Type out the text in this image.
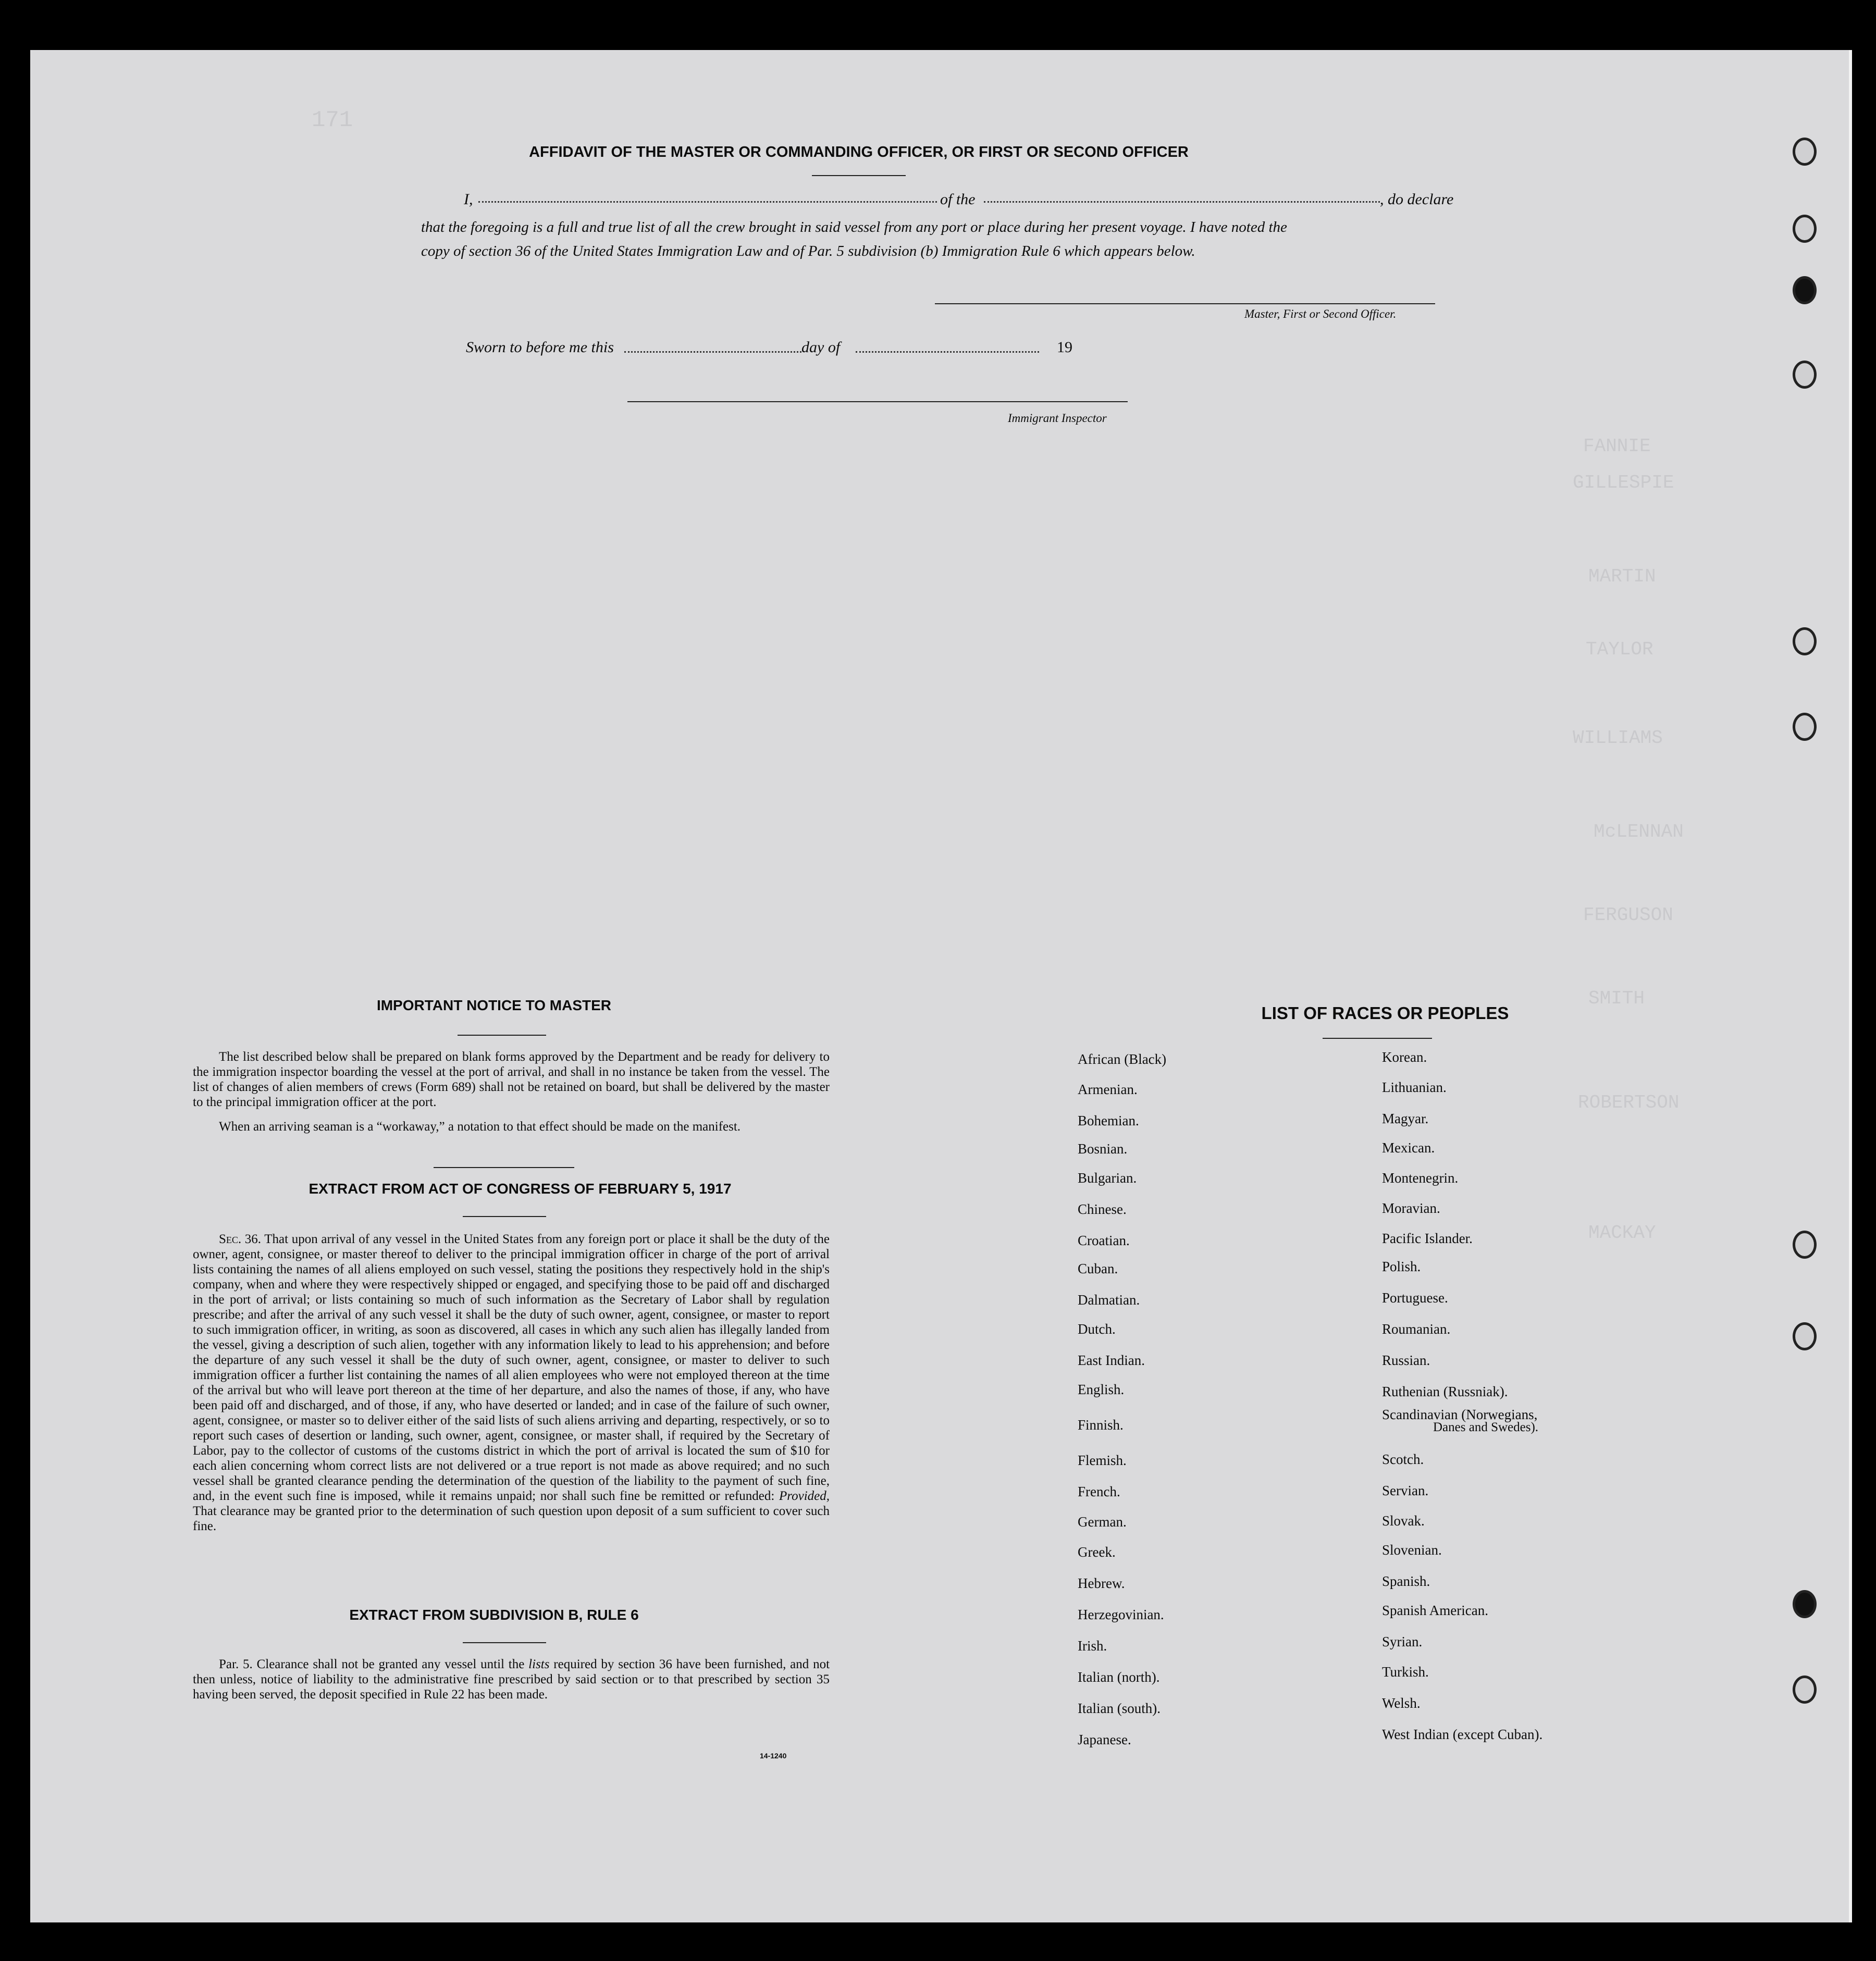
171
FANNIE
GILLESPIE
MARTIN
TAYLOR
WILLIAMS
McLENNAN
FERGUSON
SMITH
ROBERTSON
MACKAY
AFFIDAVIT OF THE MASTER OR COMMANDING OFFICER, OR FIRST OR SECOND OFFICER
I,	of the	, do declare
that the foregoing is a full and true list of all the crew brought in said vessel from any port or place during her present voyage. I have noted the
copy of section 36 of the United States Immigration Law and of Par. 5 subdivision (b) Immigration Rule 6 which appears below.
Master, First or Second Officer.
Sworn to before me this	day of	19
Immigrant Inspector
IMPORTANT NOTICE TO MASTER
The list described below shall be prepared on blank forms approved by the Department and be ready for delivery to the immigration inspector boarding the vessel at the port of arrival, and shall in no instance be taken from the vessel. The list of changes of alien members of crews (Form 689) shall not be retained on board, but shall be delivered by the master to the principal immigration officer at the port.
When an arriving seaman is a “workaway,” a notation to that effect should be made on the manifest.
EXTRACT FROM ACT OF CONGRESS OF FEBRUARY 5, 1917
Sec. 36. That upon arrival of any vessel in the United States from any foreign port or place it shall be the duty of the owner, agent, consignee, or master thereof to deliver to the principal immigration officer in charge of the port of arrival lists containing the names of all aliens employed on such vessel, stating the positions they respectively hold in the ship's company, when and where they were respectively shipped or engaged, and specifying those to be paid off and discharged in the port of arrival; or lists containing so much of such information as the Secretary of Labor shall by regulation prescribe; and after the arrival of any such vessel it shall be the duty of such owner, agent, consignee, or master to report to such immigration officer, in writing, as soon as discovered, all cases in which any such alien has illegally landed from the vessel, giving a description of such alien, together with any information likely to lead to his apprehension; and before the departure of any such vessel it shall be the duty of such owner, agent, consignee, or master to deliver to such immigration officer a further list containing the names of all alien employees who were not employed thereon at the time of the arrival but who will leave port thereon at the time of her departure, and also the names of those, if any, who have been paid off and discharged, and of those, if any, who have deserted or landed; and in case of the failure of such owner, agent, consignee, or master so to deliver either of the said lists of such aliens arriving and departing, respectively, or so to report such cases of desertion or landing, such owner, agent, consignee, or master shall, if required by the Secretary of Labor, pay to the collector of customs of the customs district in which the port of arrival is located the sum of $10 for each alien concerning whom correct lists are not delivered or a true report is not made as above required; and no such vessel shall be granted clearance pending the determination of the question of the liability to the payment of such fine, and, in the event such fine is imposed, while it remains unpaid; nor shall such fine be remitted or refunded: Provided, That clearance may be granted prior to the determination of such question upon deposit of a sum sufficient to cover such fine.
EXTRACT FROM SUBDIVISION B, RULE 6
Par. 5. Clearance shall not be granted any vessel until the lists required by section 36 have been furnished, and not then unless, notice of liability to the administrative fine prescribed by said section or to that prescribed by section 35 having been served, the deposit specified in Rule 22 has been made.
14-1240
LIST OF RACES OR PEOPLES
African (Black)
Armenian.
Bohemian.
Bosnian.
Bulgarian.
Chinese.
Croatian.
Cuban.
Dalmatian.
Dutch.
East Indian.
English.
Finnish.
Flemish.
French.
German.
Greek.
Hebrew.
Herzegovinian.
Irish.
Italian (north).
Italian (south).
Japanese.
Korean.
Lithuanian.
Magyar.
Mexican.
Montenegrin.
Moravian.
Pacific Islander.
Polish.
Portuguese.
Roumanian.
Russian.
Ruthenian (Russniak).
Scandinavian (Norwegians,
Scotch.
Servian.
Slovak.
Slovenian.
Spanish.
Spanish American.
Syrian.
Turkish.
Welsh.
West Indian (except Cuban).
Danes and Swedes).
